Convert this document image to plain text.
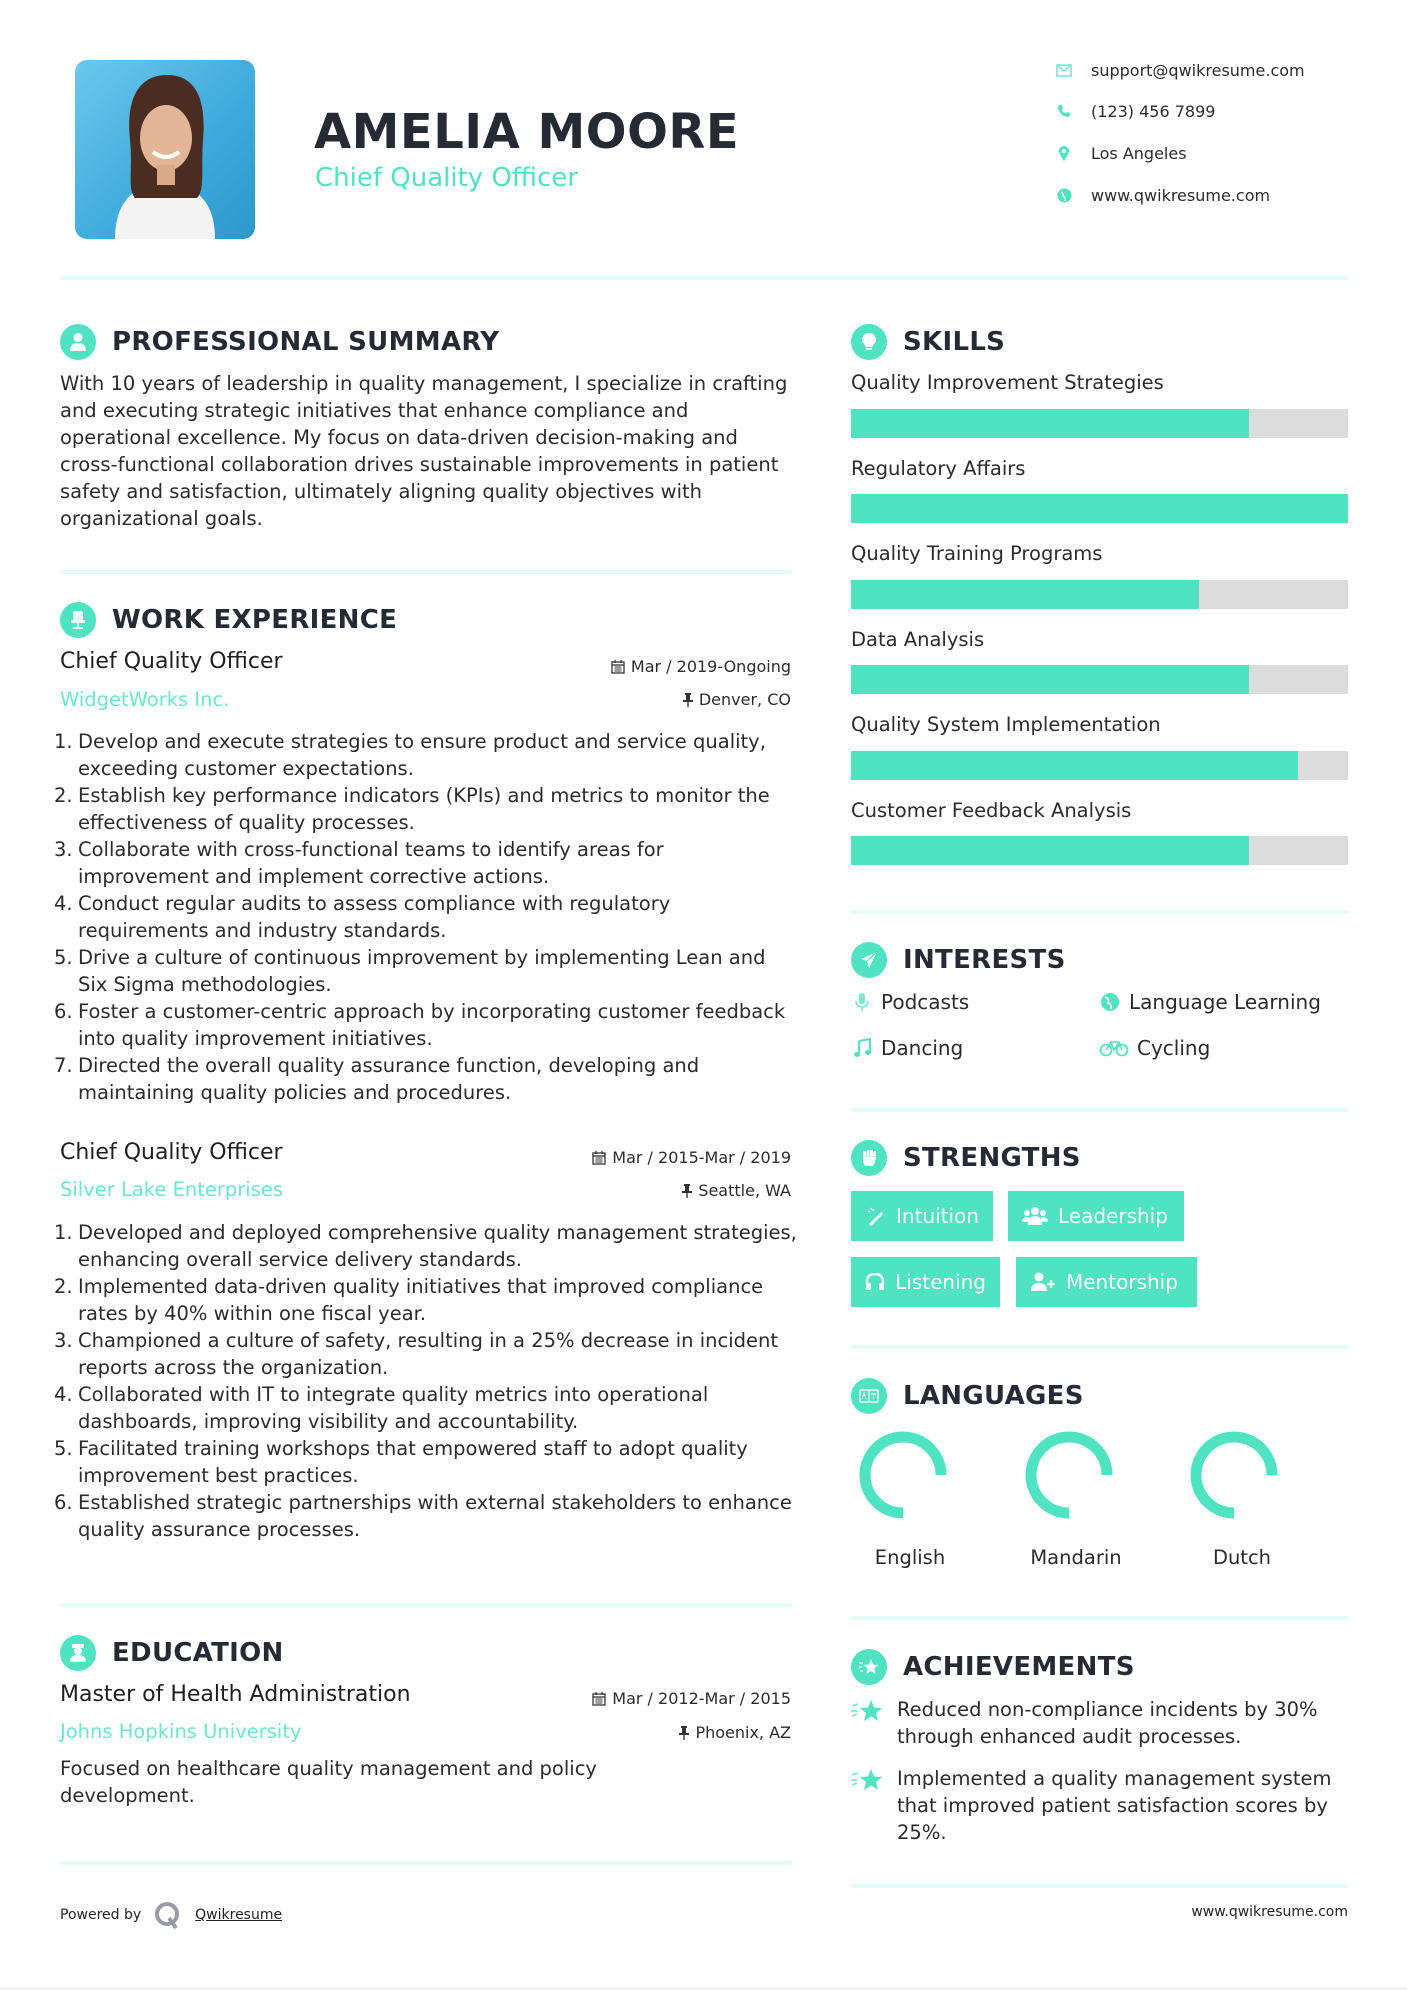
AMELIA MOORE
Chief Quality Officer
support@qwikresume.com
(123) 456 7899
Los Angeles
www.qwikresume.com
PROFESSIONAL SUMMARY
With 10 years of leadership in quality management, I specialize in crafting and executing strategic initiatives that enhance compliance and operational excellence. My focus on data-driven decision-making and cross-functional collaboration drives sustainable improvements in patient safety and satisfaction, ultimately aligning quality objectives with organizational goals.
WORK EXPERIENCE
Chief Quality Officer	Mar / 2019-Ongoing
WidgetWorks Inc.	Denver, CO
1. Develop and execute strategies to ensure product and service quality, exceeding customer expectations.
2. Establish key performance indicators (KPIs) and metrics to monitor the effectiveness of quality processes.
3. Collaborate with cross-functional teams to identify areas for improvement and implement corrective actions.
4. Conduct regular audits to assess compliance with regulatory requirements and industry standards.
5. Drive a culture of continuous improvement by implementing Lean and Six Sigma methodologies.
6. Foster a customer-centric approach by incorporating customer feedback into quality improvement initiatives.
7. Directed the overall quality assurance function, developing and maintaining quality policies and procedures.
Chief Quality Officer	Mar / 2015-Mar / 2019
Silver Lake Enterprises	Seattle, WA
1. Developed and deployed comprehensive quality management strategies, enhancing overall service delivery standards.
2. Implemented data-driven quality initiatives that improved compliance rates by 40% within one fiscal year.
3. Championed a culture of safety, resulting in a 25% decrease in incident reports across the organization.
4. Collaborated with IT to integrate quality metrics into operational dashboards, improving visibility and accountability.
5. Facilitated training workshops that empowered staff to adopt quality improvement best practices.
6. Established strategic partnerships with external stakeholders to enhance quality assurance processes.
EDUCATION
Master of Health Administration	Mar / 2012-Mar / 2015
Johns Hopkins University	Phoenix, AZ
Focused on healthcare quality management and policy development.
SKILLS
Quality Improvement Strategies
Regulatory Affairs
Quality Training Programs
Data Analysis
Quality System Implementation
Customer Feedback Analysis
INTERESTS
Podcasts	Language Learning
Dancing	Cycling
STRENGTHS
Intuition	Leadership
Listening	Mentorship
LANGUAGES
English	Mandarin	Dutch
ACHIEVEMENTS
Reduced non-compliance incidents by 30% through enhanced audit processes.
Implemented a quality management system that improved patient satisfaction scores by 25%.
Powered by	Qwikresume	www.qwikresume.com
